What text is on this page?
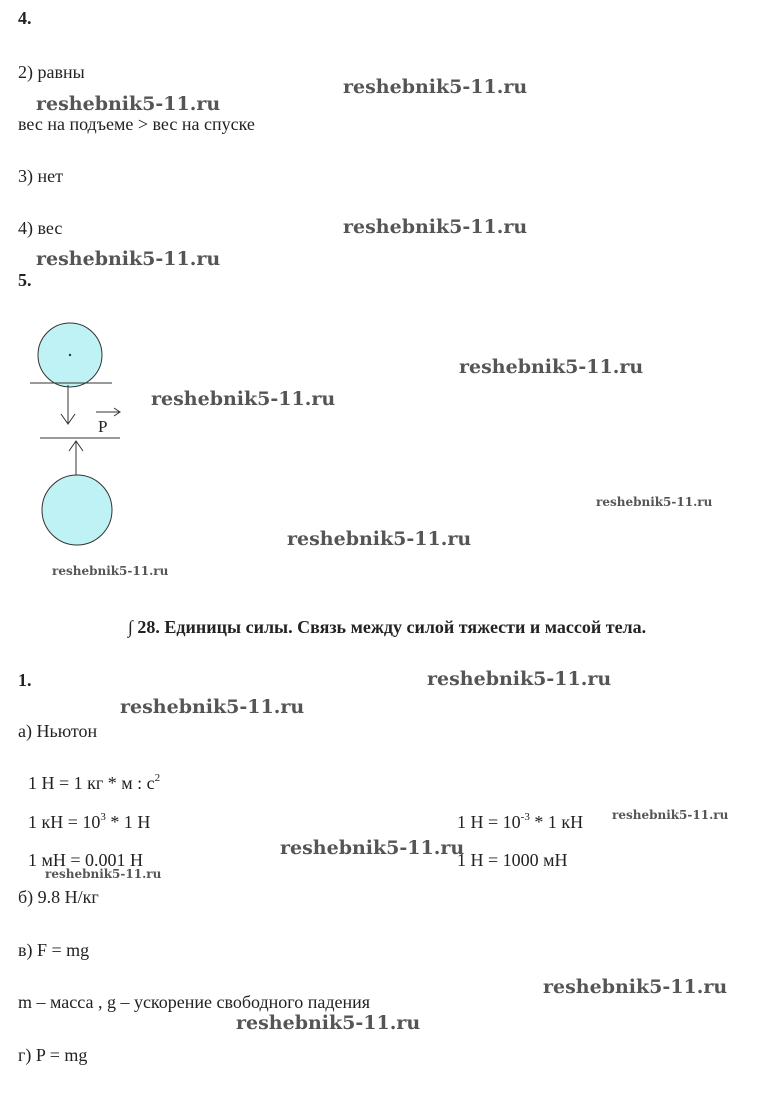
4.
2) равны
вес на подъеме > вес на спуске
3) нет
4) вес
5.
P
∫ 28. Единицы силы. Связь между силой тяжести и массой тела.
1.
а) Ньютон
1 Н = 1 кг * м : $с^2$
1 кН = $10^3 * 1$ Н	1 $Н = 10^{-3} * 1$ кН
1 мН = 0.001 Н	1 Н = 1000 мН
б) 9.8 Н/кг
в) F = mg
m – масса , g – ускорение свободного падения
г) P = mg
reshebnik5-11.ru
reshebnik5-11.ru
reshebnik5-11.ru
reshebnik5-11.ru
reshebnik5-11.ru
reshebnik5-11.ru
reshebnik5-11.ru
reshebnik5-11.ru
reshebnik5-11.ru
reshebnik5-11.ru
reshebnik5-11.ru
reshebnik5-11.ru
reshebnik5-11.ru
reshebnik5-11.ru
reshebnik5-11.ru
reshebnik5-11.ru
